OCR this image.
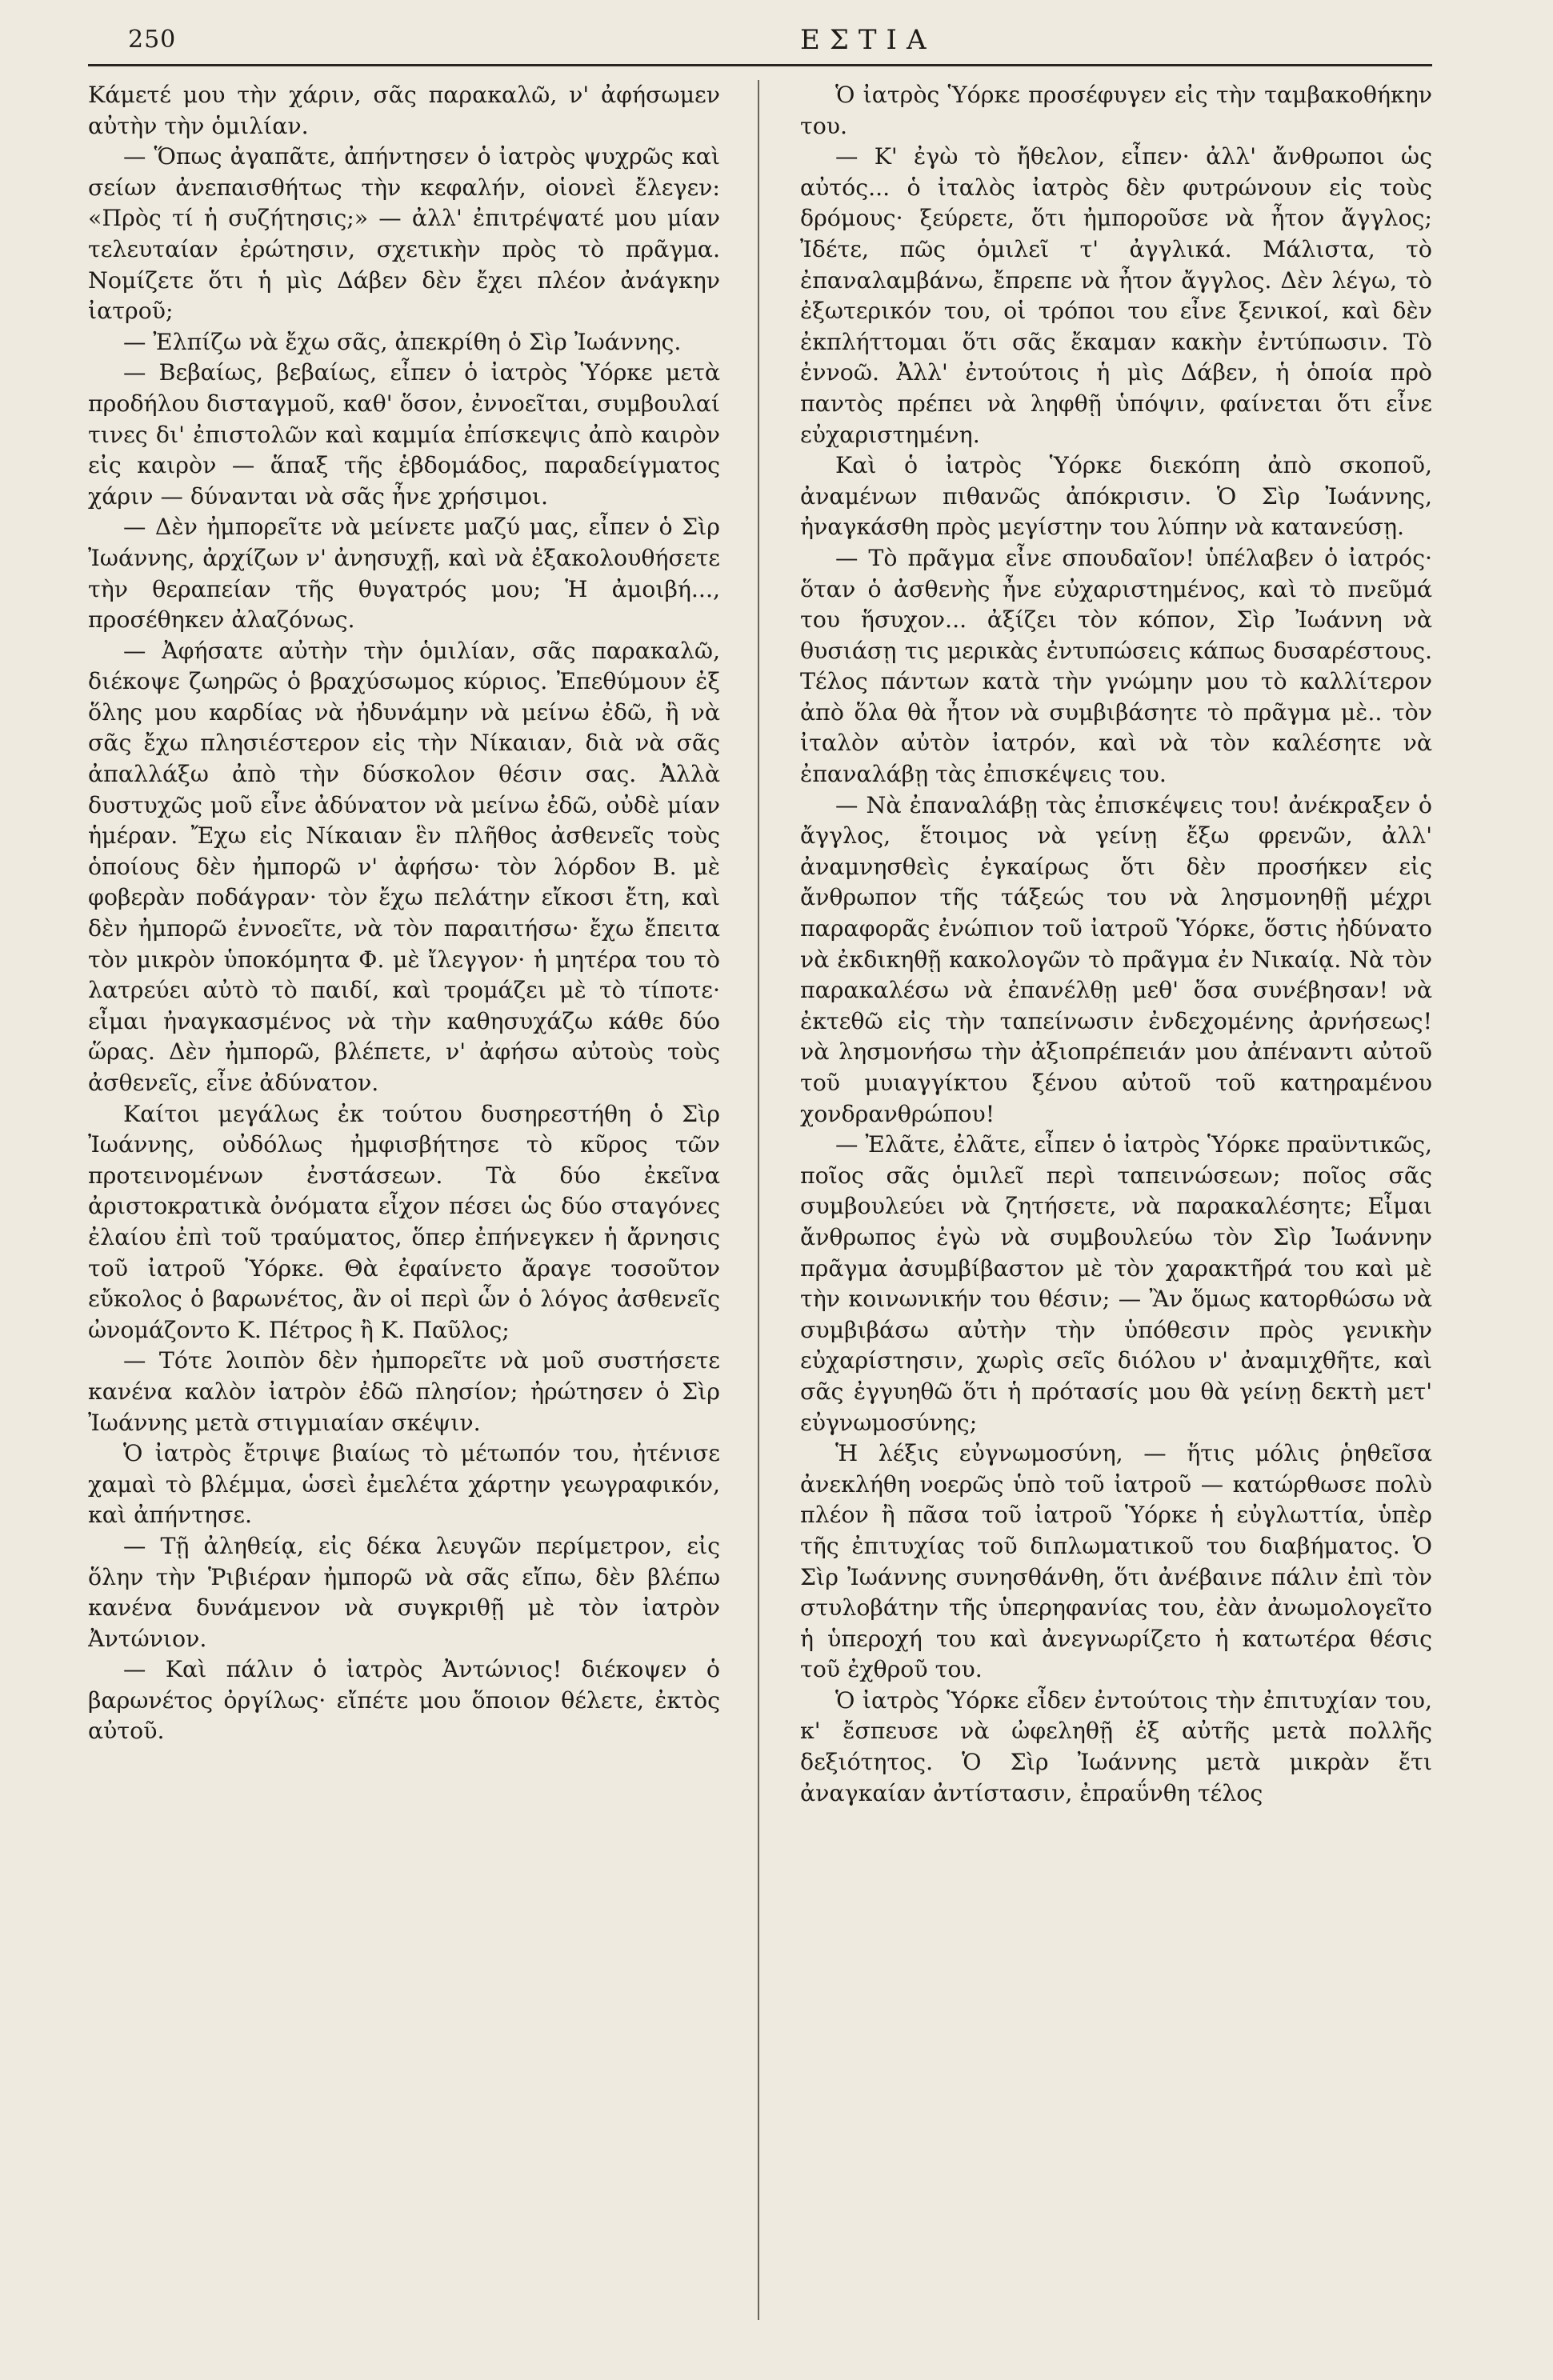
250	ΕΣΤΙΑ

Κάμετέ μου τὴν χάριν, σᾶς παρακαλῶ, ν' ἀφήσωμεν αὐτὴν τὴν ὁμιλίαν.

— Ὅπως ἀγαπᾶτε, ἀπήντησεν ὁ ἰατρὸς ψυχρῶς καὶ σείων ἀνεπαισθήτως τὴν κεφαλήν, οἱονεὶ ἔλεγεν: «Πρὸς τί ἡ συζήτησις;» — ἀλλ' ἐπιτρέψατέ μου μίαν τελευταίαν ἐρώτησιν, σχετικὴν πρὸς τὸ πρᾶγμα. Νομίζετε ὅτι ἡ μὶς Δάβεν δὲν ἔχει πλέον ἀνάγκην ἰατροῦ;

— Ἐλπίζω νὰ ἔχω σᾶς, ἀπεκρίθη ὁ Σὶρ Ἰωάννης.

— Βεβαίως, βεβαίως, εἶπεν ὁ ἰατρὸς Ὑόρκε μετὰ προδήλου δισταγμοῦ, καθ' ὅσον, ἐννοεῖται, συμβουλαί τινες δι' ἐπιστολῶν καὶ καμμία ἐπίσκεψις ἀπὸ καιρὸν εἰς καιρὸν — ἅπαξ τῆς ἑβδομάδος, παραδείγματος χάριν — δύνανται νὰ σᾶς ἦνε χρήσιμοι.

— Δὲν ἠμπορεῖτε νὰ μείνετε μαζύ μας, εἶπεν ὁ Σὶρ Ἰωάννης, ἀρχίζων ν' ἀνησυχῇ, καὶ νὰ ἐξακολουθήσετε τὴν θεραπείαν τῆς θυγατρός μου; Ἡ ἀμοιβή..., προσέθηκεν ἀλαζόνως.

— Ἀφήσατε αὐτὴν τὴν ὁμιλίαν, σᾶς παρακαλῶ, διέκοψε ζωηρῶς ὁ βραχύσωμος κύριος. Ἐπεθύμουν ἐξ ὅλης μου καρδίας νὰ ἠδυνάμην νὰ μείνω ἐδῶ, ἢ νὰ σᾶς ἔχω πλησιέστερον εἰς τὴν Νίκαιαν, διὰ νὰ σᾶς ἀπαλλάξω ἀπὸ τὴν δύσκολον θέσιν σας. Ἀλλὰ δυστυχῶς μοῦ εἶνε ἀδύνατον νὰ μείνω ἐδῶ, οὐδὲ μίαν ἡμέραν. Ἔχω εἰς Νίκαιαν ἓν πλῆθος ἀσθενεῖς τοὺς ὁποίους δὲν ἠμπορῶ ν' ἀφήσω· τὸν λόρδον Β. μὲ φοβερὰν ποδάγραν· τὸν ἔχω πελάτην εἴκοσι ἔτη, καὶ δὲν ἠμπορῶ ἐννοεῖτε, νὰ τὸν παραιτήσω· ἔχω ἔπειτα τὸν μικρὸν ὑποκόμητα Φ. μὲ ἴλεγγον· ἡ μητέρα του τὸ λατρεύει αὐτὸ τὸ παιδί, καὶ τρομάζει μὲ τὸ τίποτε· εἶμαι ἠναγκασμένος νὰ τὴν καθησυχάζω κάθε δύο ὥρας. Δὲν ἠμπορῶ, βλέπετε, ν' ἀφήσω αὐτοὺς τοὺς ἀσθενεῖς, εἶνε ἀδύνατον.

Καίτοι μεγάλως ἐκ τούτου δυσηρεστήθη ὁ Σὶρ Ἰωάννης, οὐδόλως ἠμφισβήτησε τὸ κῦρος τῶν προτεινομένων ἐνστάσεων. Τὰ δύο ἐκεῖνα ἀριστοκρατικὰ ὀνόματα εἶχον πέσει ὡς δύο σταγόνες ἐλαίου ἐπὶ τοῦ τραύματος, ὅπερ ἐπήνεγκεν ἡ ἄρνησις τοῦ ἰατροῦ Ὑόρκε. Θὰ ἐφαίνετο ἄραγε τοσοῦτον εὔκολος ὁ βαρωνέτος, ἂν οἱ περὶ ὧν ὁ λόγος ἀσθενεῖς ὠνομάζοντο Κ. Πέτρος ἢ Κ. Παῦλος;

— Τότε λοιπὸν δὲν ἠμπορεῖτε νὰ μοῦ συστήσετε κανένα καλὸν ἰατρὸν ἐδῶ πλησίον; ἠρώτησεν ὁ Σὶρ Ἰωάννης μετὰ στιγμιαίαν σκέψιν.

Ὁ ἰατρὸς ἔτριψε βιαίως τὸ μέτωπόν του, ἠτένισε χαμαὶ τὸ βλέμμα, ὡσεὶ ἐμελέτα χάρτην γεωγραφικόν, καὶ ἀπήντησε.

— Τῇ ἀληθείᾳ, εἰς δέκα λευγῶν περίμετρον, εἰς ὅλην τὴν Ῥιβιέραν ἠμπορῶ νὰ σᾶς εἴπω, δὲν βλέπω κανένα δυνάμενον νὰ συγκριθῇ μὲ τὸν ἰατρὸν Ἀντώνιον.

— Καὶ πάλιν ὁ ἰατρὸς Ἀντώνιος! διέκοψεν ὁ βαρωνέτος ὀργίλως· εἴπέτε μου ὅποιον θέλετε, ἐκτὸς αὐτοῦ.

Ὁ ἰατρὸς Ὑόρκε προσέφυγεν εἰς τὴν ταμβακοθήκην του.

— Κ' ἐγὼ τὸ ἤθελον, εἶπεν· ἀλλ' ἄνθρωποι ὡς αὐτός... ὁ ἰταλὸς ἰατρὸς δὲν φυτρώνουν εἰς τοὺς δρόμους· ξεύρετε, ὅτι ἠμποροῦσε νὰ ἦτον ἄγγλος; Ἰδέτε, πῶς ὁμιλεῖ τ' ἀγγλικά. Μάλιστα, τὸ ἐπαναλαμβάνω, ἔπρεπε νὰ ἦτον ἄγγλος. Δὲν λέγω, τὸ ἐξωτερικόν του, οἱ τρόποι του εἶνε ξενικοί, καὶ δὲν ἐκπλήττομαι ὅτι σᾶς ἔκαμαν κακὴν ἐντύπωσιν. Τὸ ἐννοῶ. Ἀλλ' ἐντούτοις ἡ μὶς Δάβεν, ἡ ὁποία πρὸ παντὸς πρέπει νὰ ληφθῇ ὑπόψιν, φαίνεται ὅτι εἶνε εὐχαριστημένη.

Καὶ ὁ ἰατρὸς Ὑόρκε διεκόπη ἀπὸ σκοποῦ, ἀναμένων πιθανῶς ἀπόκρισιν. Ὁ Σὶρ Ἰωάννης, ἠναγκάσθη πρὸς μεγίστην του λύπην νὰ κατανεύσῃ.

— Τὸ πρᾶγμα εἶνε σπουδαῖον! ὑπέλαβεν ὁ ἰατρός· ὅταν ὁ ἀσθενὴς ἦνε εὐχαριστημένος, καὶ τὸ πνεῦμά του ἥσυχον... ἀξίζει τὸν κόπον, Σὶρ Ἰωάννη νὰ θυσιάσῃ τις μερικὰς ἐντυπώσεις κάπως δυσαρέστους. Τέλος πάντων κατὰ τὴν γνώμην μου τὸ καλλίτερον ἀπὸ ὅλα θὰ ἦτον νὰ συμβιβάσητε τὸ πρᾶγμα μὲ.. τὸν ἰταλὸν αὐτὸν ἰατρόν, καὶ νὰ τὸν καλέσητε νὰ ἐπαναλάβῃ τὰς ἐπισκέψεις του.

— Νὰ ἐπαναλάβῃ τὰς ἐπισκέψεις του! ἀνέκραξεν ὁ ἄγγλος, ἕτοιμος νὰ γείνῃ ἔξω φρενῶν, ἀλλ' ἀναμνησθεὶς ἐγκαίρως ὅτι δὲν προσήκεν εἰς ἄνθρωπον τῆς τάξεώς του νὰ λησμονηθῇ μέχρι παραφορᾶς ἐνώπιον τοῦ ἰατροῦ Ὑόρκε, ὅστις ἠδύνατο νὰ ἐκδικηθῇ κακολογῶν τὸ πρᾶγμα ἐν Νικαίᾳ. Νὰ τὸν παρακαλέσω νὰ ἐπανέλθῃ μεθ' ὅσα συνέβησαν! νὰ ἐκτεθῶ εἰς τὴν ταπείνωσιν ἐνδεχομένης ἀρνήσεως! νὰ λησμονήσω τὴν ἀξιοπρέπειάν μου ἀπέναντι αὐτοῦ τοῦ μυιαγγίκτου ξένου αὐτοῦ τοῦ κατηραμένου χονδρανθρώπου!

— Ἐλᾶτε, ἐλᾶτε, εἶπεν ὁ ἰατρὸς Ὑόρκε πραϋντικῶς, ποῖος σᾶς ὁμιλεῖ περὶ ταπεινώσεων; ποῖος σᾶς συμβουλεύει νὰ ζητήσετε, νὰ παρακαλέσητε; Εἶμαι ἄνθρωπος ἐγὼ νὰ συμβουλεύω τὸν Σὶρ Ἰωάννην πρᾶγμα ἀσυμβίβαστον μὲ τὸν χαρακτῆρά του καὶ μὲ τὴν κοινωνικήν του θέσιν; — Ἂν ὅμως κατορθώσω νὰ συμβιβάσω αὐτὴν τὴν ὑπόθεσιν πρὸς γενικὴν εὐχαρίστησιν, χωρὶς σεῖς διόλου ν' ἀναμιχθῆτε, καὶ σᾶς ἐγγυηθῶ ὅτι ἡ πρότασίς μου θὰ γείνῃ δεκτὴ μετ' εὐγνωμοσύνης;

Ἡ λέξις εὐγνωμοσύνη, — ἥτις μόλις ῥηθεῖσα ἀνεκλήθη νοερῶς ὑπὸ τοῦ ἰατροῦ — κατώρθωσε πολὺ πλέον ἢ πᾶσα τοῦ ἰατροῦ Ὑόρκε ἡ εὐγλωττία, ὑπὲρ τῆς ἐπιτυχίας τοῦ διπλωματικοῦ του διαβήματος. Ὁ Σὶρ Ἰωάννης συνησθάνθη, ὅτι ἀνέβαινε πάλιν ἐπὶ τὸν στυλοβάτην τῆς ὑπερηφανίας του, ἐὰν ἀνωμολογεῖτο ἡ ὑπεροχή του καὶ ἀνεγνωρίζετο ἡ κατωτέρα θέσις τοῦ ἐχθροῦ του.

Ὁ ἰατρὸς Ὑόρκε εἶδεν ἐντούτοις τὴν ἐπιτυχίαν του, κ' ἔσπευσε νὰ ὠφεληθῇ ἐξ αὐτῆς μετὰ πολλῆς δεξιότητος. Ὁ Σὶρ Ἰωάννης μετὰ μικρὰν ἔτι ἀναγκαίαν ἀντίστασιν, ἐπραΰνθη τέλος
